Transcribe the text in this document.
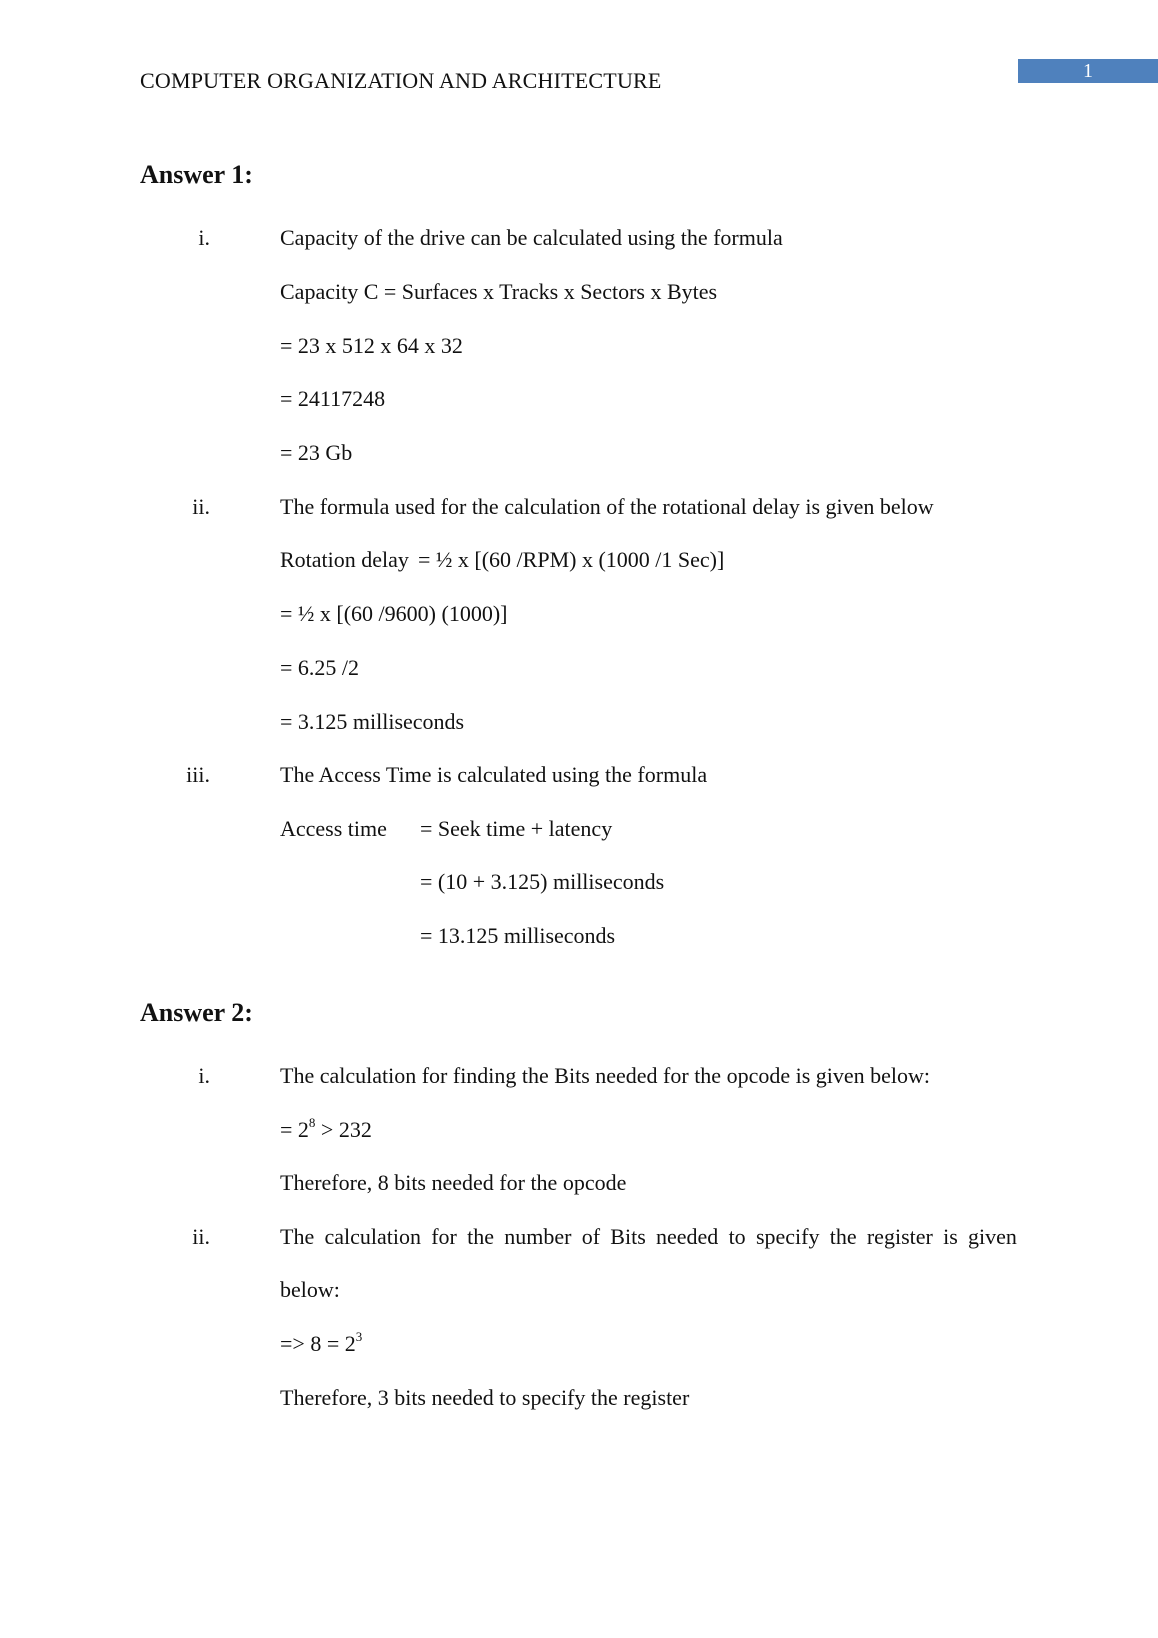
COMPUTER ORGANIZATION AND ARCHITECTURE	1
Answer 1:
i.	Capacity of the drive can be calculated using the formula
Capacity C = Surfaces x Tracks x Sectors x Bytes
= 23 x 512 x 64 x 32
= 24117248
= 23 Gb
ii.	The formula used for the calculation of the rotational delay is given below
Rotation delay = ½ x [(60 /RPM) x (1000 /1 Sec)]
= ½ x [(60 /9600) (1000)]
= 6.25 /2
= 3.125 milliseconds
iii.	The Access Time is calculated using the formula
Access time = Seek time + latency
= (10 + 3.125) milliseconds
= 13.125 milliseconds
Answer 2:
i.	The calculation for finding the Bits needed for the opcode is given below:
= $2^8 > 232$
Therefore, 8 bits needed for the opcode
ii.	The calculation for the number of Bits needed to specify the register is given
below:
=> $8 = 2^3$
Therefore, 3 bits needed to specify the register
